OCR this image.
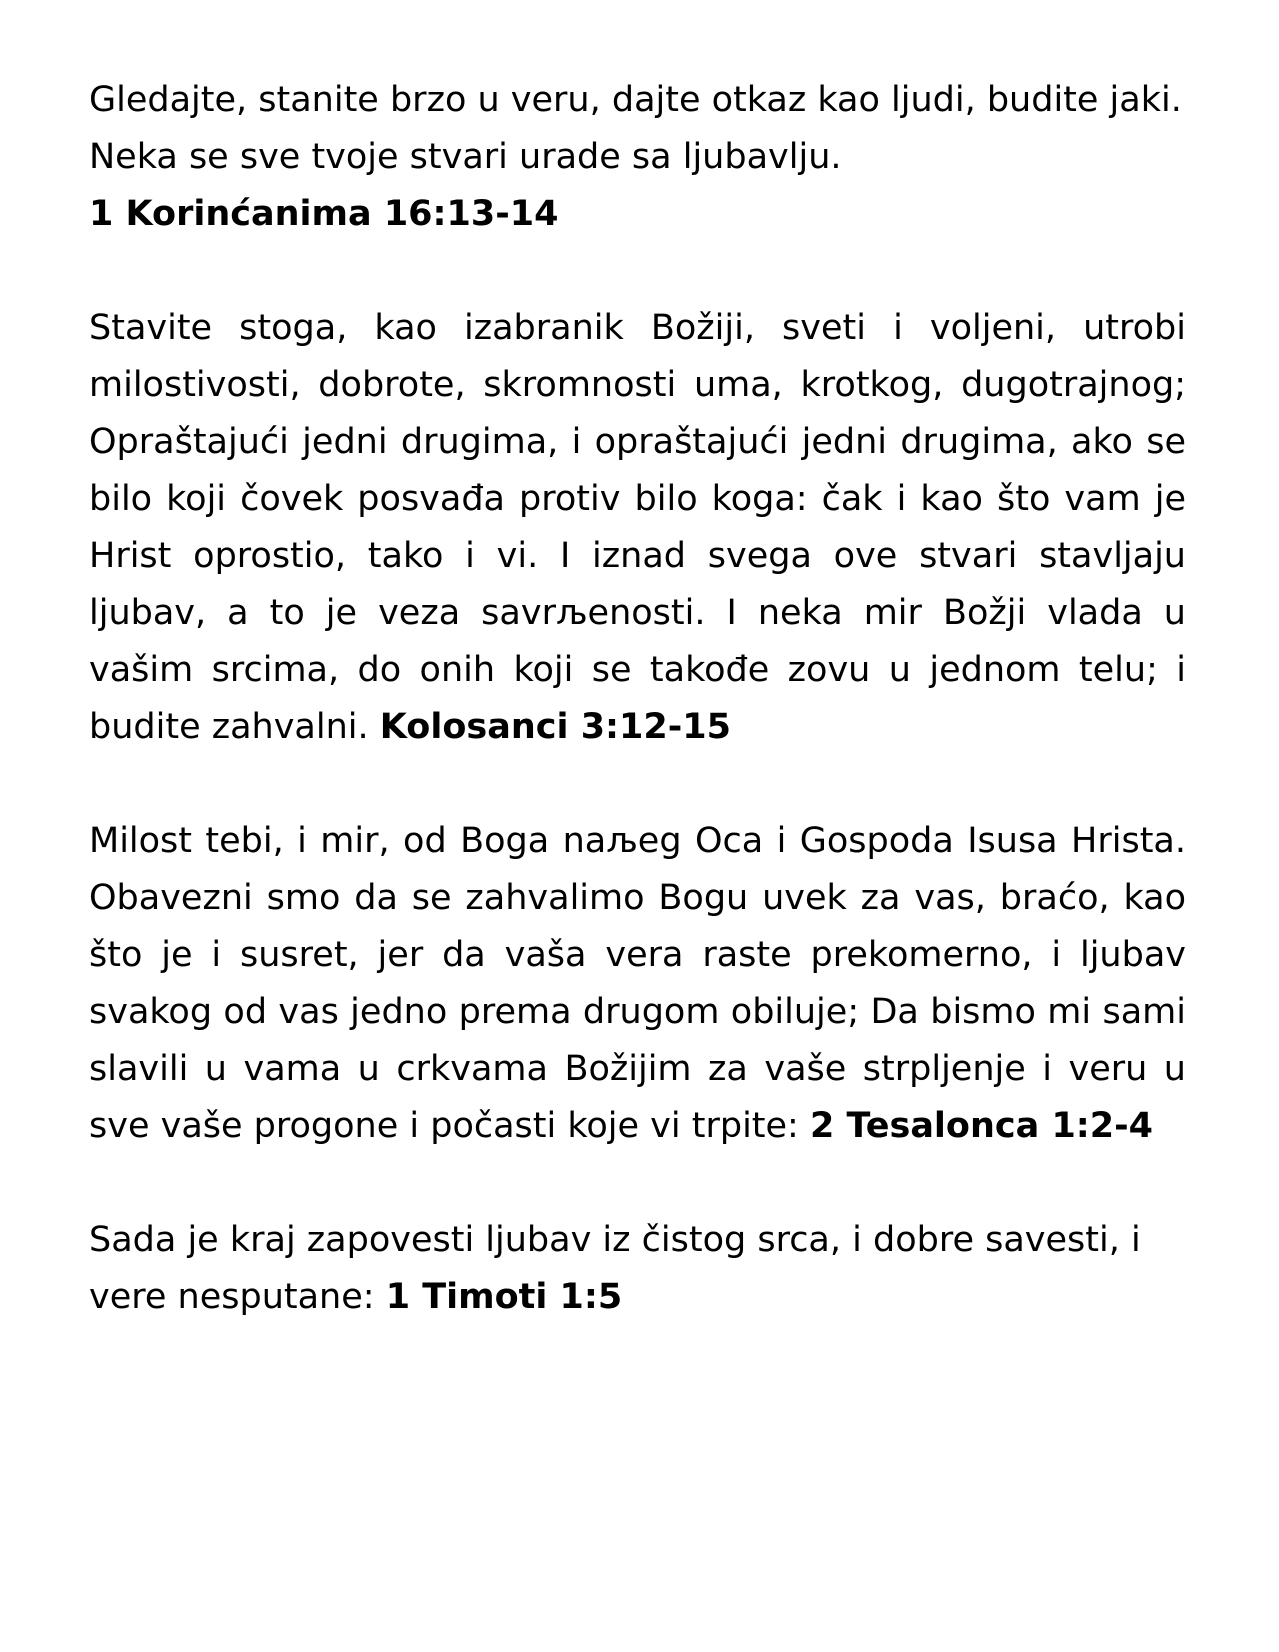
Gledajte, stanite brzo u veru, dajte otkaz kao ljudi, budite jaki. Neka se sve tvoje stvari urade sa ljubavlju.
1 Korinćanima 16:13-14

Stavite stoga, kao izabranik Božiji, sveti i voljeni, utrobi milostivosti, dobrote, skromnosti uma, krotkog, dugotrajnog; Opraštajući jedni drugima, i opraštajući jedni drugima, ako se bilo koji čovek posvađa protiv bilo koga: čak i kao što vam je Hrist oprostio, tako i vi. I iznad svega ove stvari stavljaju ljubav, a to je veza savrљenosti. I neka mir Božji vlada u vašim srcima, do onih koji se takođe zovu u jednom telu; i budite zahvalni. Kolosanci 3:12-15

Milost tebi, i mir, od Boga naљeg Oca i Gospoda Isusa Hrista. Obavezni smo da se zahvalimo Bogu uvek za vas, braćo, kao što je i susret, jer da vaša vera raste prekomerno, i ljubav svakog od vas jedno prema drugom obiluje; Da bismo mi sami slavili u vama u crkvama Božijim za vaše strpljenje i veru u sve vaše progone i počasti koje vi trpite: 2 Tesalonca 1:2-4

Sada je kraj zapovesti ljubav iz čistog srca, i dobre savesti, i vere nesputane: 1 Timoti 1:5
